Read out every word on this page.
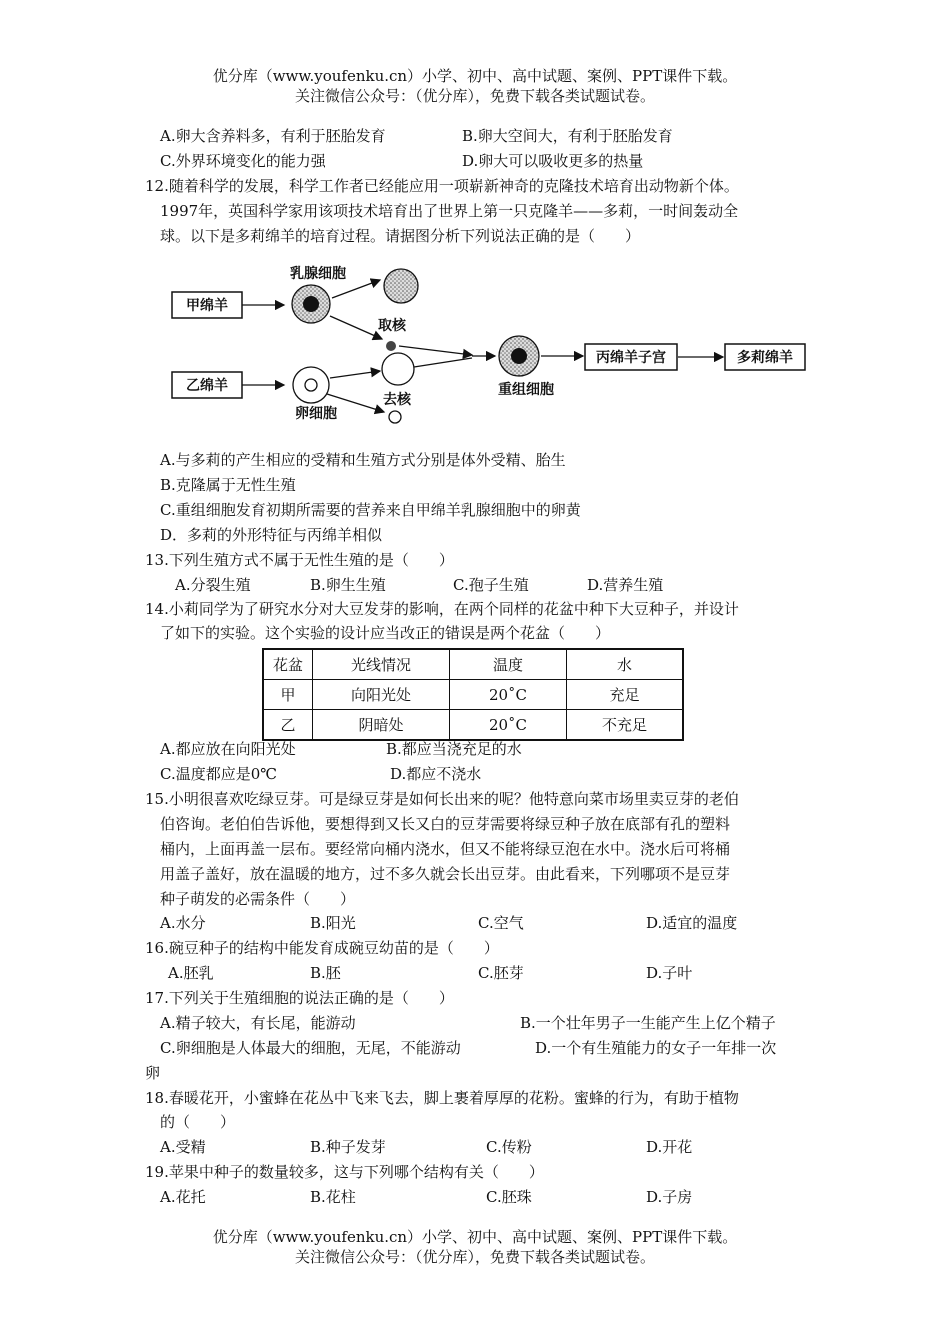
优分库（www.youfenku.cn）小学、初中、高中试题、案例、PPT课件下载。
关注微信公众号：（优分库），免费下载各类试题试卷。
A.卵大含养料多，有利于胚胎发育	B.卵大空间大，有利于胚胎发育
C.外界环境变化的能力强	D.卵大可以吸收更多的热量
12.随着科学的发展，科学工作者已经能应用一项崭新神奇的克隆技术培育出动物新个体。
1997年，英国科学家用该项技术培育出了世界上第一只克隆羊——多莉，一时间轰动全
球。以下是多莉绵羊的培育过程。请据图分析下列说法正确的是（　　）
甲绵羊
乳腺细胞
取核
乙绵羊
卵细胞
去核
重组细胞
丙绵羊子宫	多莉绵羊
A.与多莉的产生相应的受精和生殖方式分别是体外受精、胎生
B.克隆属于无性生殖
C.重组细胞发育初期所需要的营养来自甲绵羊乳腺细胞中的卵黄
D．多莉的外形特征与丙绵羊相似
13.下列生殖方式不属于无性生殖的是（　　）
A.分裂生殖	B.卵生生殖	C.孢子生殖	D.营养生殖
14.小莉同学为了研究水分对大豆发芽的影响，在两个同样的花盆中种下大豆种子，并设计
了如下的实验。这个实验的设计应当改正的错误是两个花盆（　　）
花盆	光线情况	温度	水
甲	向阳光处	20˚C	充足
乙	阴暗处	20˚C	不充足
A.都应放在向阳光处	B.都应当浇充足的水
C.温度都应是0℃	D.都应不浇水
15.小明很喜欢吃绿豆芽。可是绿豆芽是如何长出来的呢？他特意向菜市场里卖豆芽的老伯
伯咨询。老伯伯告诉他，要想得到又长又白的豆芽需要将绿豆种子放在底部有孔的塑料
桶内，上面再盖一层布。要经常向桶内浇水，但又不能将绿豆泡在水中。浇水后可将桶
用盖子盖好，放在温暖的地方，过不多久就会长出豆芽。由此看来，下列哪项不是豆芽
种子萌发的必需条件（　　）
A.水分	B.阳光	C.空气	D.适宜的温度
16.碗豆种子的结构中能发育成碗豆幼苗的是（　　）
A.胚乳	B.胚	C.胚芽	D.子叶
17.下列关于生殖细胞的说法正确的是（　　）
A.精子较大，有长尾，能游动	B.一个壮年男子一生能产生上亿个精子
C.卵细胞是人体最大的细胞，无尾，不能游动	D.一个有生殖能力的女子一年排一次
卵
18.春暖花开，小蜜蜂在花丛中飞来飞去，脚上裹着厚厚的花粉。蜜蜂的行为，有助于植物
的（　　）
A.受精	B.种子发芽	C.传粉	D.开花
19.苹果中种子的数量较多，这与下列哪个结构有关（　　）
A.花托	B.花柱	C.胚珠	D.子房
优分库（www.youfenku.cn）小学、初中、高中试题、案例、PPT课件下载。
关注微信公众号：（优分库），免费下载各类试题试卷。
